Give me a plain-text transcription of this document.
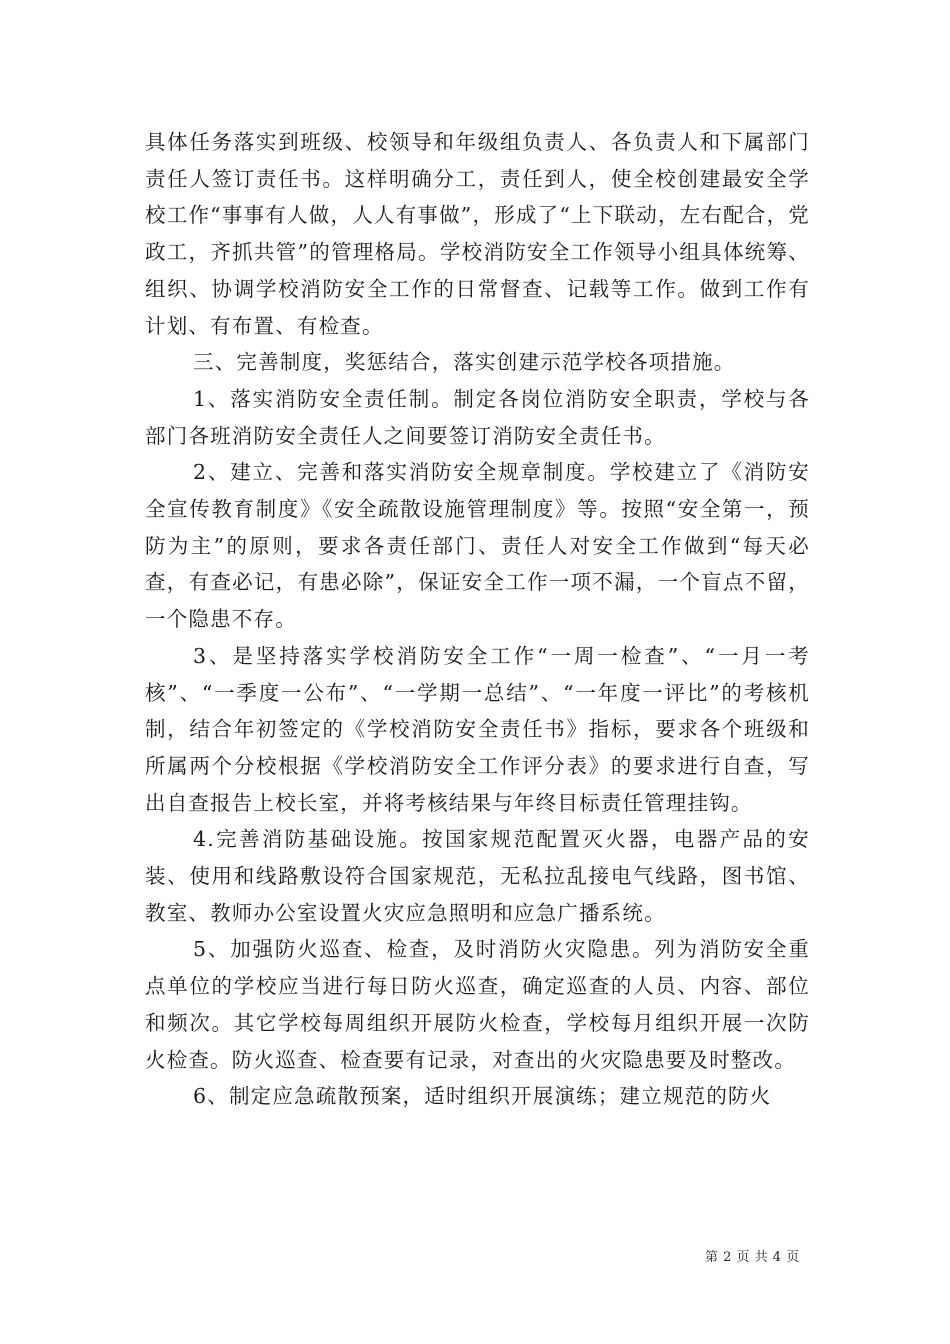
具体任务落实到班级、校领导和年级组负责人、各负责人和下属部门责任人签订责任书。这样明确分工，责任到人，使全校创建最安全学校工作“事事有人做，人人有事做”，形成了“上下联动，左右配合，党政工，齐抓共管”的管理格局。学校消防安全工作领导小组具体统筹、组织、协调学校消防安全工作的日常督查、记载等工作。做到工作有计划、有布置、有检查。

三、完善制度，奖惩结合，落实创建示范学校各项措施。

1、落实消防安全责任制。制定各岗位消防安全职责，学校与各部门各班消防安全责任人之间要签订消防安全责任书。

2、建立、完善和落实消防安全规章制度。学校建立了《消防安全宣传教育制度》《安全疏散设施管理制度》等。按照“安全第一，预防为主”的原则，要求各责任部门、责任人对安全工作做到“每天必查，有查必记，有患必除”，保证安全工作一项不漏，一个盲点不留，一个隐患不存。

3、是坚持落实学校消防安全工作“一周一检查”、“一月一考核”、“一季度一公布”、“一学期一总结”、“一年度一评比”的考核机制，结合年初签定的《学校消防安全责任书》指标，要求各个班级和所属两个分校根据《学校消防安全工作评分表》的要求进行自查，写出自查报告上校长室，并将考核结果与年终目标责任管理挂钩。

4.完善消防基础设施。按国家规范配置灭火器，电器产品的安装、使用和线路敷设符合国家规范，无私拉乱接电气线路，图书馆、教室、教师办公室设置火灾应急照明和应急广播系统。

5、加强防火巡查、检查，及时消防火灾隐患。列为消防安全重点单位的学校应当进行每日防火巡查，确定巡查的人员、内容、部位和频次。其它学校每周组织开展防火检查，学校每月组织开展一次防火检查。防火巡查、检查要有记录，对查出的火灾隐患要及时整改。

6、制定应急疏散预案，适时组织开展演练；建立规范的防火

第 2 页 共 4 页
